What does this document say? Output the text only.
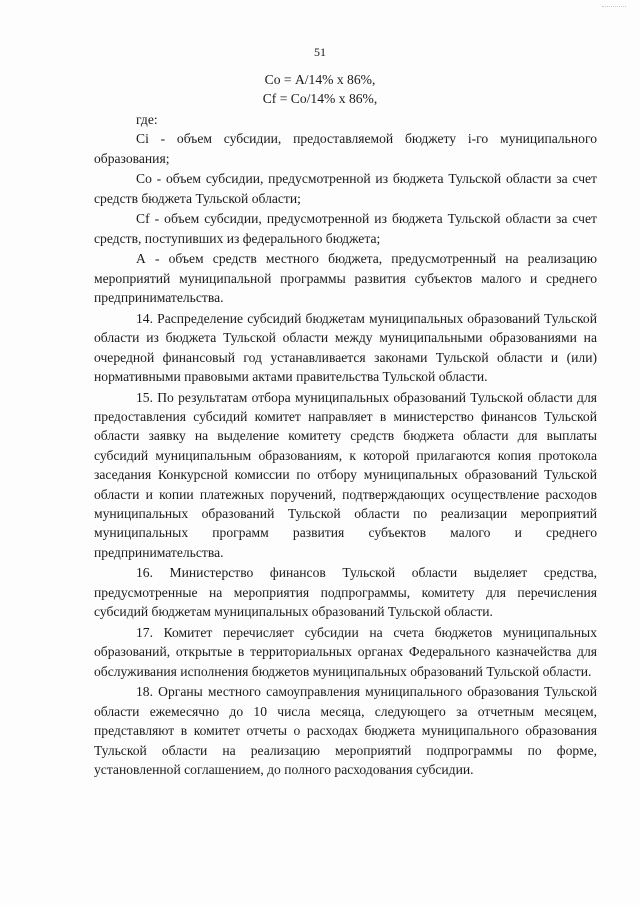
51
Со = А/14% х 86%,
Cf = Со/14% х 86%,

где:

Ci - объем субсидии, предоставляемой бюджету i-го муниципального образования;

Со - объем субсидии, предусмотренной из бюджета Тульской области за счет средств бюджета Тульской области;

Cf - объем субсидии, предусмотренной из бюджета Тульской области за счет средств, поступивших из федерального бюджета;

А - объем средств местного бюджета, предусмотренный на реализацию мероприятий муниципальной программы развития субъектов малого и среднего предпринимательства.

14. Распределение субсидий бюджетам муниципальных образований Тульской области из бюджета Тульской области между муниципальными образованиями на очередной финансовый год устанавливается законами Тульской области и (или) нормативными правовыми актами правительства Тульской области.

15. По результатам отбора муниципальных образований Тульской области для предоставления субсидий комитет направляет в министерство финансов Тульской области заявку на выделение комитету средств бюджета области для выплаты субсидий муниципальным образованиям, к которой прилагаются копия протокола заседания Конкурсной комиссии по отбору муниципальных образований Тульской области и копии платежных поручений, подтверждающих осуществление расходов муниципальных образований Тульской области по реализации мероприятий муниципальных программ развития субъектов малого и среднего предпринимательства.

16. Министерство финансов Тульской области выделяет средства, предусмотренные на мероприятия подпрограммы, комитету для перечисления субсидий бюджетам муниципальных образований Тульской области.

17. Комитет перечисляет субсидии на счета бюджетов муниципальных образований, открытые в территориальных органах Федерального казначейства для обслуживания исполнения бюджетов муниципальных образований Тульской области.

18. Органы местного самоуправления муниципального образования Тульской области ежемесячно до 10 числа месяца, следующего за отчетным месяцем, представляют в комитет отчеты о расходах бюджета муниципального образования Тульской области на реализацию мероприятий подпрограммы по форме, установленной соглашением, до полного расходования субсидии.
